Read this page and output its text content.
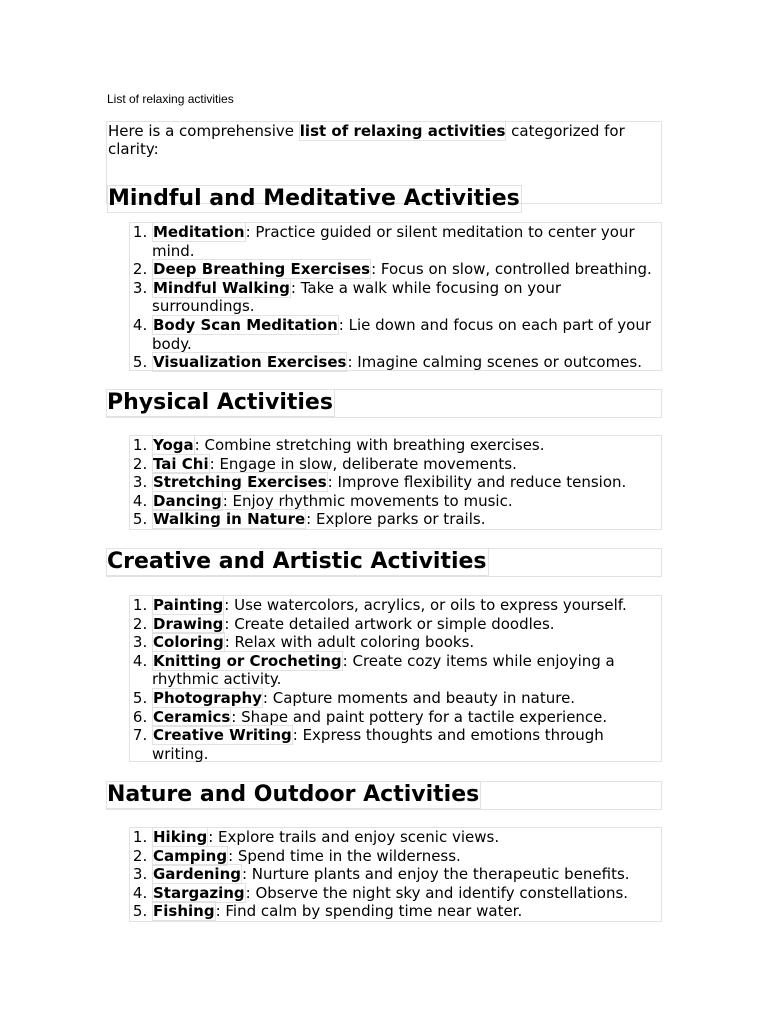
List of relaxing activities

Here is a comprehensive list of relaxing activities categorized for clarity:

Mindful and Meditative Activities
1. Meditation: Practice guided or silent meditation to center your mind.
2. Deep Breathing Exercises: Focus on slow, controlled breathing.
3. Mindful Walking: Take a walk while focusing on your surroundings.
4. Body Scan Meditation: Lie down and focus on each part of your body.
5. Visualization Exercises: Imagine calming scenes or outcomes.
Physical Activities
1. Yoga: Combine stretching with breathing exercises.
2. Tai Chi: Engage in slow, deliberate movements.
3. Stretching Exercises: Improve flexibility and reduce tension.
4. Dancing: Enjoy rhythmic movements to music.
5. Walking in Nature: Explore parks or trails.
Creative and Artistic Activities
1. Painting: Use watercolors, acrylics, or oils to express yourself.
2. Drawing: Create detailed artwork or simple doodles.
3. Coloring: Relax with adult coloring books.
4. Knitting or Crocheting: Create cozy items while enjoying a rhythmic activity.
5. Photography: Capture moments and beauty in nature.
6. Ceramics: Shape and paint pottery for a tactile experience.
7. Creative Writing: Express thoughts and emotions through writing.
Nature and Outdoor Activities
1. Hiking: Explore trails and enjoy scenic views.
2. Camping: Spend time in the wilderness.
3. Gardening: Nurture plants and enjoy the therapeutic benefits.
4. Stargazing: Observe the night sky and identify constellations.
5. Fishing: Find calm by spending time near water.
